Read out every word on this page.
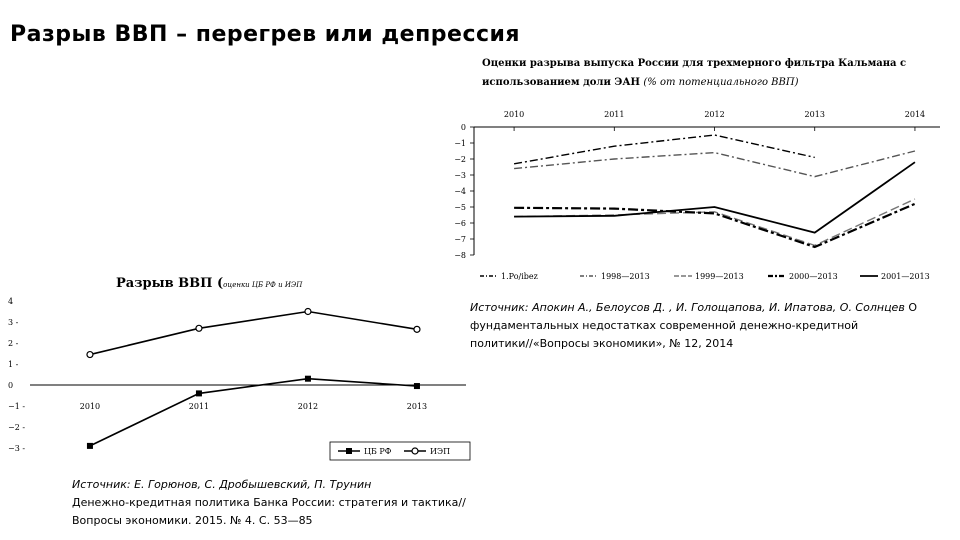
Разрыв ВВП – перегрев или депрессия
Оценки разрыва выпуска России для трехмерного фильтра Кальмана с использованием доли ЭАН (% от потенциального ВВП)
0
−1
−2
−3
−4
−5
−6
−7
−8
2010	2011	2012	2013	2014
1.Po/ibez	1998—2013	1999—2013	2000—2013	2001—2013
Источник: Апокин А., Белоусов Д. , И. Голощапова, И. Ипатова, О. Солнцев О фундаментальных недостатках современной денежно-кредитной политики//«Вопросы экономики», № 12, 2014
Разрыв ВВП (оценки ЦБ РФ и ИЭП
4
3 -
2 -
1 -
0
−1 -
−2 -
−3 -
2010	2011	2012	2013
ЦБ РФ	ИЭП
Источник: Е. Горюнов, С. Дробышевский, П. Трунин
Денежно-кредитная политика Банка России: стратегия и тактика//
Вопросы экономики. 2015. № 4. С. 53—85
